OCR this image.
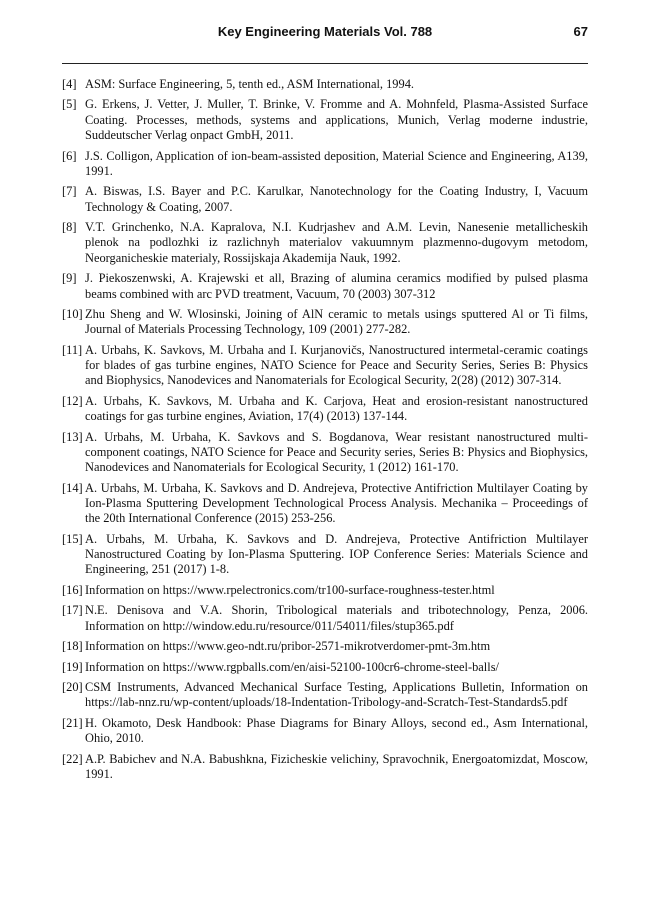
Key Engineering Materials Vol. 788	67
[4] ASM: Surface Engineering, 5, tenth ed., ASM International, 1994.
[5] G. Erkens, J. Vetter, J. Muller, T. Brinke, V. Fromme and A. Mohnfeld, Plasma-Assisted Surface Coating. Processes, methods, systems and applications, Munich, Verlag moderne industrie, Suddeutscher Verlag onpact GmbH, 2011.
[6] J.S. Colligon, Application of ion-beam-assisted deposition, Material Science and Engineering, A139, 1991.
[7] A. Biswas, I.S. Bayer and P.C. Karulkar, Nanotechnology for the Coating Industry, I, Vacuum Technology & Coating, 2007.
[8] V.T. Grinchenko, N.A. Kapralova, N.I. Kudrjashev and A.M. Levin, Nanesenie metallicheskih plenok na podlozhki iz razlichnyh materialov vakuumnym plazmenno-dugovym metodom, Neorganicheskie materialy, Rossijskaja Akademija Nauk, 1992.
[9] J. Piekoszenwski, A. Krajewski et all, Brazing of alumina ceramics modified by pulsed plasma beams combined with arc PVD treatment, Vacuum, 70 (2003) 307-312
[10] Zhu Sheng and W. Wlosinski, Joining of AlN ceramic to metals usings sputtered Al or Ti films, Journal of Materials Processing Technology, 109 (2001) 277-282.
[11] A. Urbahs, K. Savkovs, M. Urbaha and I. Kurjanovičs, Nanostructured intermetal-ceramic coatings for blades of gas turbine engines, NATO Science for Peace and Security Series, Series B: Physics and Biophysics, Nanodevices and Nanomaterials for Ecological Security, 2(28) (2012) 307-314.
[12] A. Urbahs, K. Savkovs, M. Urbaha and K. Carjova, Heat and erosion-resistant nanostructured coatings for gas turbine engines, Aviation, 17(4) (2013) 137-144.
[13] A. Urbahs, M. Urbaha, K. Savkovs and S. Bogdanova, Wear resistant nanostructured multi-component coatings, NATO Science for Peace and Security series, Series B: Physics and Biophysics, Nanodevices and Nanomaterials for Ecological Security, 1 (2012) 161-170.
[14] A. Urbahs, M. Urbaha, K. Savkovs and D. Andrejeva, Protective Antifriction Multilayer Coating by Ion-Plasma Sputtering Development Technological Process Analysis. Mechanika – Proceedings of the 20th International Conference (2015) 253-256.
[15] A. Urbahs, M. Urbaha, K. Savkovs and D. Andrejeva, Protective Antifriction Multilayer Nanostructured Coating by Ion-Plasma Sputtering. IOP Conference Series: Materials Science and Engineering, 251 (2017) 1-8.
[16] Information on https://www.rpelectronics.com/tr100-surface-roughness-tester.html
[17] N.E. Denisova and V.A. Shorin, Tribological materials and tribotechnology, Penza, 2006. Information on http://window.edu.ru/resource/011/54011/files/stup365.pdf
[18] Information on https://www.geo-ndt.ru/pribor-2571-mikrotverdomer-pmt-3m.htm
[19] Information on https://www.rgpballs.com/en/aisi-52100-100cr6-chrome-steel-balls/
[20] CSM Instruments, Advanced Mechanical Surface Testing, Applications Bulletin, Information on https://lab-nnz.ru/wp-content/uploads/18-Indentation-Tribology-and-Scratch-Test-Standards5.pdf
[21] H. Okamoto, Desk Handbook: Phase Diagrams for Binary Alloys, second ed., Asm International, Ohio, 2010.
[22] A.P. Babichev and N.A. Babushkna, Fizicheskie velichiny, Spravochnik, Energoatomizdat, Moscow, 1991.
